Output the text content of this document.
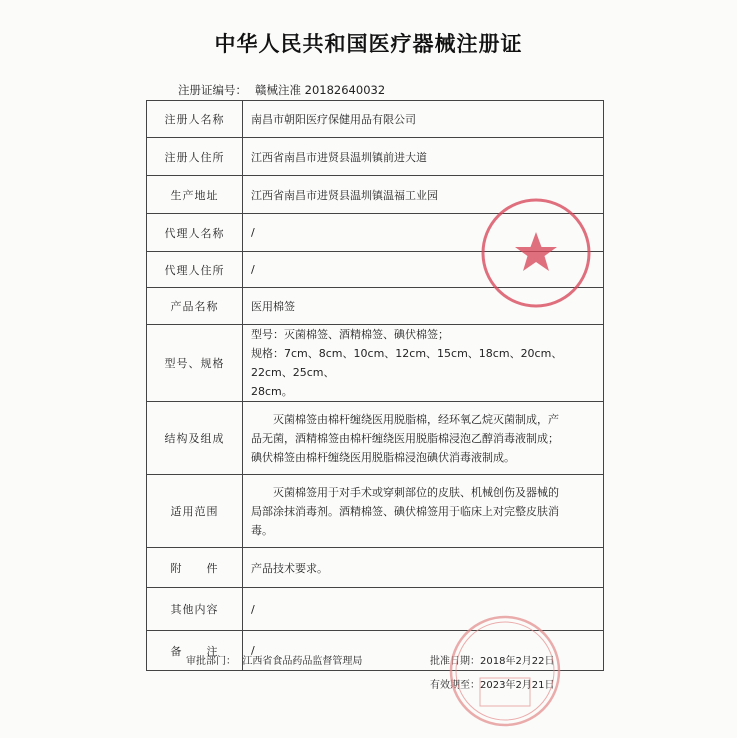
中华人民共和国医疗器械注册证
注册证编号： 赣械注准 20182640032
注册人名称	南昌市朝阳医疗保健用品有限公司
注册人住所	江西省南昌市进贤县温圳镇前进大道
生产地址	江西省南昌市进贤县温圳镇温福工业园
代理人名称	/
代理人住所	/
产品名称	医用棉签
型号、规格	型号：灭菌棉签、酒精棉签、碘伏棉签；
规格：7cm、8cm、10cm、12cm、15cm、18cm、20cm、22cm、25cm、
28cm。

结构及组成	灭菌棉签由棉杆缠绕医用脱脂棉，经环氧乙烷灭菌制成，产
品无菌，酒精棉签由棉杆缠绕医用脱脂棉浸泡乙醇消毒液制成；
碘伏棉签由棉杆缠绕医用脱脂棉浸泡碘伏消毒液制成。

适用范围	灭菌棉签用于对手术或穿刺部位的皮肤、机械创伤及器械的
局部涂抹消毒剂。酒精棉签、碘伏棉签用于临床上对完整皮肤消
毒。

附　　件	产品技术要求。
其他内容	/
备　　注	/
审批部门： 江西省食品药品监督管理局	批准日期：2018年2月22日
有效期至：2023年2月21日
